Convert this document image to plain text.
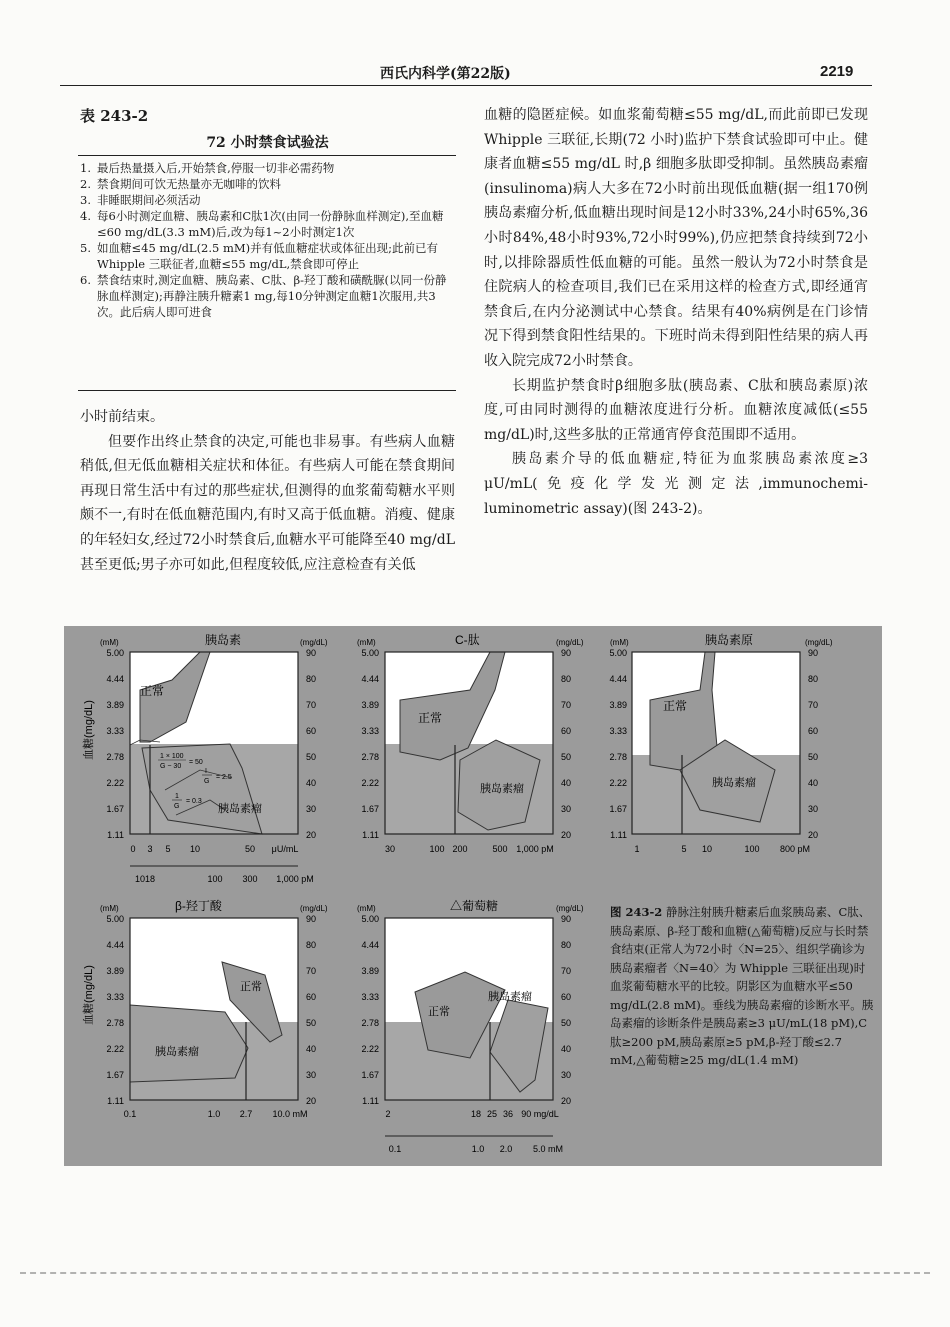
西氏内科学(第22版)	2219
表 243-2
72 小时禁食试验法
1. 最后热量摄入后,开始禁食,停服一切非必需药物
2. 禁食期间可饮无热量亦无咖啡的饮料
3. 非睡眠期间必须活动
4. 每6小时测定血糖、胰岛素和C肽1次(由同一份静脉血样测定),至血糖≤60 mg/dL(3.3 mM)后,改为每1~2小时测定1次
5. 如血糖≤45 mg/dL(2.5 mM)并有低血糖症状或体征出现;此前已有 Whipple 三联征者,血糖≤55 mg/dL,禁食即可停止
6. 禁食结束时,测定血糖、胰岛素、C肽、β-羟丁酸和磺酰脲(以同一份静脉血样测定);再静注胰升糖素1 mg,每10分钟测定血糖1次服用,共3次。此后病人即可进食

小时前结束。

但要作出终止禁食的决定,可能也非易事。有些病人血糖稍低,但无低血糖相关症状和体征。有些病人可能在禁食期间再现日常生活中有过的那些症状,但测得的血浆葡萄糖水平则颇不一,有时在低血糖范围内,有时又高于低血糖。消瘦、健康的年轻妇女,经过72小时禁食后,血糖水平可能降至40 mg/dL甚至更低;男子亦可如此,但程度较低,应注意检查有关低

血糖的隐匿症候。如血浆葡萄糖≤55 mg/dL,而此前即已发现 Whipple 三联征,长期(72 小时)监护下禁食试验即可中止。健康者血糖≤55 mg/dL 时,β 细胞多肽即受抑制。虽然胰岛素瘤(insulinoma)病人大多在72小时前出现低血糖(据一组170例胰岛素瘤分析,低血糖出现时间是12小时33%,24小时65%,36小时84%,48小时93%,72小时99%),仍应把禁食持续到72小时,以排除器质性低血糖的可能。虽然一般认为72小时禁食是住院病人的检查项目,我们已在采用这样的检查方式,即经通宵禁食后,在内分泌测试中心禁食。结果有40%病例是在门诊情况下得到禁食阳性结果的。下班时尚未得到阳性结果的病人再收入院完成72小时禁食。

长期监护禁食时β细胞多肽(胰岛素、C肽和胰岛素原)浓度,可由同时测得的血糖浓度进行分析。血糖浓度减低(≤55 mg/dL)时,这些多肽的正常通宵停食范围即不适用。

胰岛素介导的低血糖症,特征为血浆胰岛素浓度≥3 μU/mL(免疫化学发光测定法,immunochemi-luminometric assay)(图 243-2)。

胰岛素
正常
胰岛素瘤
1 × 100
G − 30
= 50
I
G
= 2.5
1
G
= 0.3
(mM)
5.00
4.44
3.89
3.33
2.78
2.22
1.67
1.11
血糖(mg/dL)
(mg/dL)
90
80
70
60
50
40
30
20
0 3 5 10	50 μU/mL
1018	100 300 1,000 pM
C-肽
正常
胰岛素瘤
(mM)
5.00
4.44
3.89
3.33
2.78
2.22
1.67
1.11
(mg/dL)
90
80
70
60
50
40
30
20
30	100 200	500 1,000 pM
胰岛素原
正常
胰岛素瘤
(mM)
5.00
4.44
3.89
3.33
2.78
2.22
1.67
1.11
(mg/dL)
90
80
70
60
50
40
30
20
1	5 10	100 800 pM
β-羟丁酸
正常
胰岛素瘤
(mM)
5.00
4.44
3.89
3.33
2.78
2.22
1.67
1.11
血糖(mg/dL)
(mg/dL)
90
80
70
60
50
40
30
20
0.1	1.0 2.7 10.0 mM
△葡萄糖
正常
胰岛素瘤
(mM)
5.00
4.44
3.89
3.33
2.78
2.22
1.67
1.11
(mg/dL)
90
80
70
60
50
40
30
20
2	18 25 36 90 mg/dL
0.1	1.0 2.0 5.0 mM
图 243-2 静脉注射胰升糖素后血浆胰岛素、C肽、胰岛素原、β-羟丁酸和血糖(△葡萄糖)反应与长时禁食结束(正常人为72小时〈N=25〉、组织学确诊为胰岛素瘤者〈N=40〉为 Whipple 三联征出现)时血浆葡萄糖水平的比较。阴影区为血糖水平≤50 mg/dL(2.8 mM)。垂线为胰岛素瘤的诊断水平。胰岛素瘤的诊断条件是胰岛素≥3 μU/mL(18 pM),C肽≥200 pM,胰岛素原≥5 pM,β-羟丁酸≤2.7 mM,△葡萄糖≥25 mg/dL(1.4 mM)
